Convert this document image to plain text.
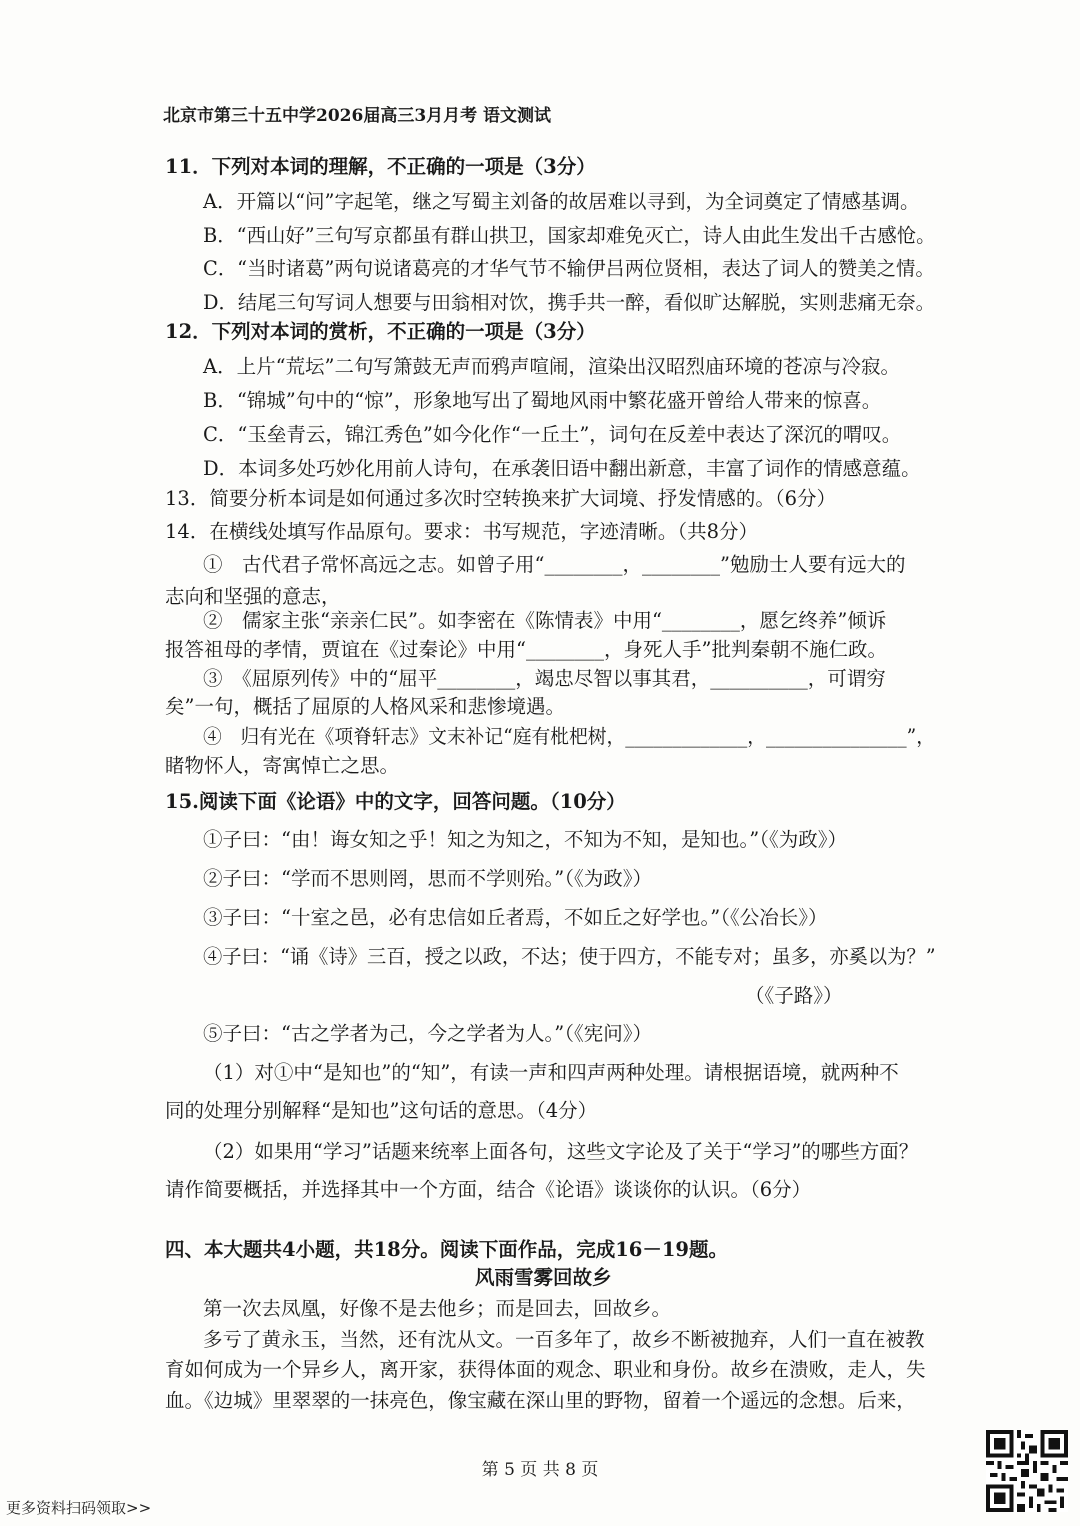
北京市第三十五中学2026届高三3月月考 语文测试
11．下列对本词的理解，不正确的一项是（3分）
A．开篇以“问”字起笔，继之写蜀主刘备的故居难以寻到，为全词奠定了情感基调。
B．“西山好”三句写京都虽有群山拱卫，国家却难免灭亡，诗人由此生发出千古感怆。
C．“当时诸葛”两句说诸葛亮的才华气节不输伊吕两位贤相，表达了词人的赞美之情。
D．结尾三句写词人想要与田翁相对饮，携手共一醉，看似旷达解脱，实则悲痛无奈。
12．下列对本词的赏析，不正确的一项是（3分）
A．上片“荒坛”二句写箫鼓无声而鸦声喧闹，渲染出汉昭烈庙环境的苍凉与冷寂。
B．“锦城”句中的“惊”，形象地写出了蜀地风雨中繁花盛开曾给人带来的惊喜。
C．“玉垒青云，锦江秀色”如今化作“一丘土”，词句在反差中表达了深沉的喟叹。
D．本词多处巧妙化用前人诗句，在承袭旧语中翻出新意，丰富了词作的情感意蕴。
13．简要分析本词是如何通过多次时空转换来扩大词境、抒发情感的。（6分）
14．在横线处填写作品原句。要求：书写规范，字迹清晰。（共8分）
①　古代君子常怀高远之志。如曾子用“________，________”勉励士人要有远大的
志向和坚强的意志，
②　儒家主张“亲亲仁民”。如李密在《陈情表》中用“________，愿乞终养”倾诉
报答祖母的孝情，贾谊在《过秦论》中用“________，身死人手”批判秦朝不施仁政。
③　《屈原列传》中的“屈平________，竭忠尽智以事其君，__________，可谓穷
矣”一句，概括了屈原的人格风采和悲惨境遇。
④　归有光在《项脊轩志》文末补记“庭有枇杷树，_____________，_______________”，
睹物怀人，寄寓悼亡之思。
15.阅读下面《论语》中的文字，回答问题。（10分）
①子曰：“由！诲女知之乎！知之为知之，不知为不知，是知也。”（《为政》）
②子曰：“学而不思则罔，思而不学则殆。”（《为政》）
③子曰：“十室之邑，必有忠信如丘者焉，不如丘之好学也。”（《公冶长》）
④子曰：“诵《诗》三百，授之以政，不达；使于四方，不能专对；虽多，亦奚以为？”
（《子路》）
⑤子曰：“古之学者为己，今之学者为人。”（《宪问》）
（1）对①中“是知也”的“知”，有读一声和四声两种处理。请根据语境，就两种不
同的处理分别解释“是知也”这句话的意思。（4分）
（2）如果用“学习”话题来统率上面各句，这些文字论及了关于“学习”的哪些方面？
请作简要概括，并选择其中一个方面，结合《论语》谈谈你的认识。（6分）
四、本大题共4小题，共18分。阅读下面作品，完成16－19题。
风雨雪雾回故乡
第一次去凤凰，好像不是去他乡；而是回去，回故乡。
多亏了黄永玉，当然，还有沈从文。一百多年了，故乡不断被抛弃，人们一直在被教
育如何成为一个异乡人，离开家，获得体面的观念、职业和身份。故乡在溃败，走人，失
血。《边城》里翠翠的一抹亮色，像宝藏在深山里的野物，留着一个遥远的念想。后来，
第 5 页 共 8 页
更多资料扫码领取>>
